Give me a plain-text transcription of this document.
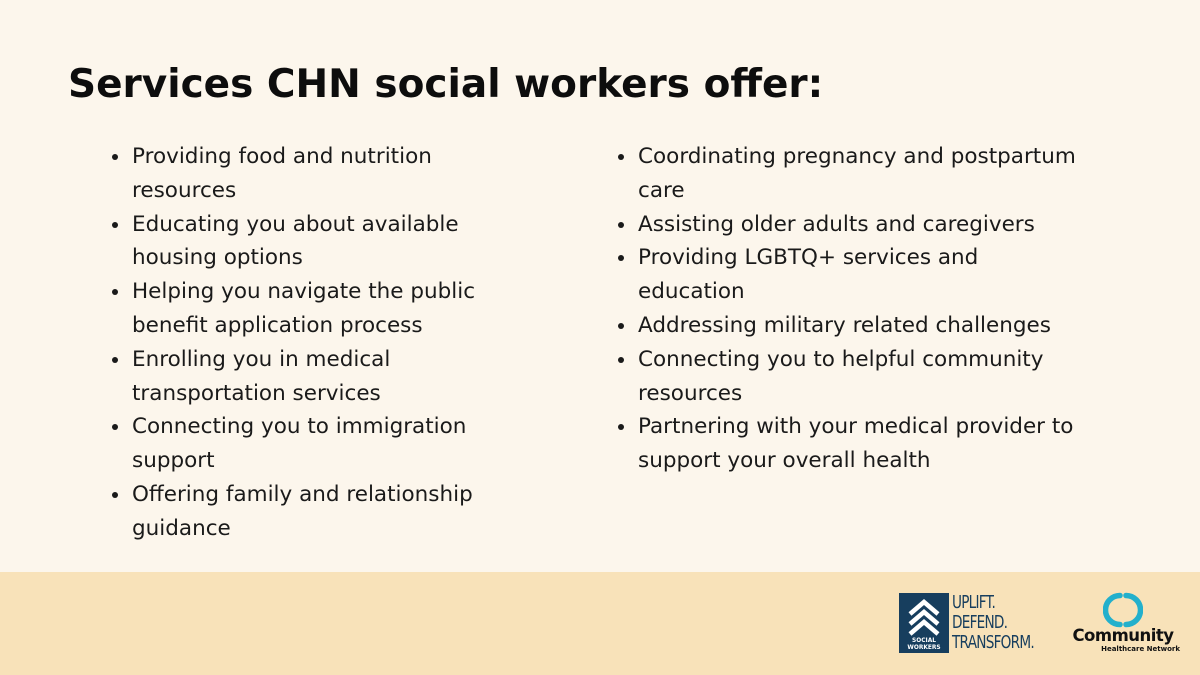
Services CHN social workers offer:
Providing food and nutrition resources
Educating you about available housing options
Helping you navigate the public benefit application process
Enrolling you in medical transportation services
Connecting you to immigration support
Offering family and relationship guidance
Coordinating pregnancy and postpartum care
Assisting older adults and caregivers
Providing LGBTQ+ services and education
Addressing military related challenges
Connecting you to helpful community resources
Partnering with your medical provider to support your overall health
SOCIAL
WORKERS
UPLIFT.
DEFEND.
TRANSFORM.	Community
Healthcare Network
